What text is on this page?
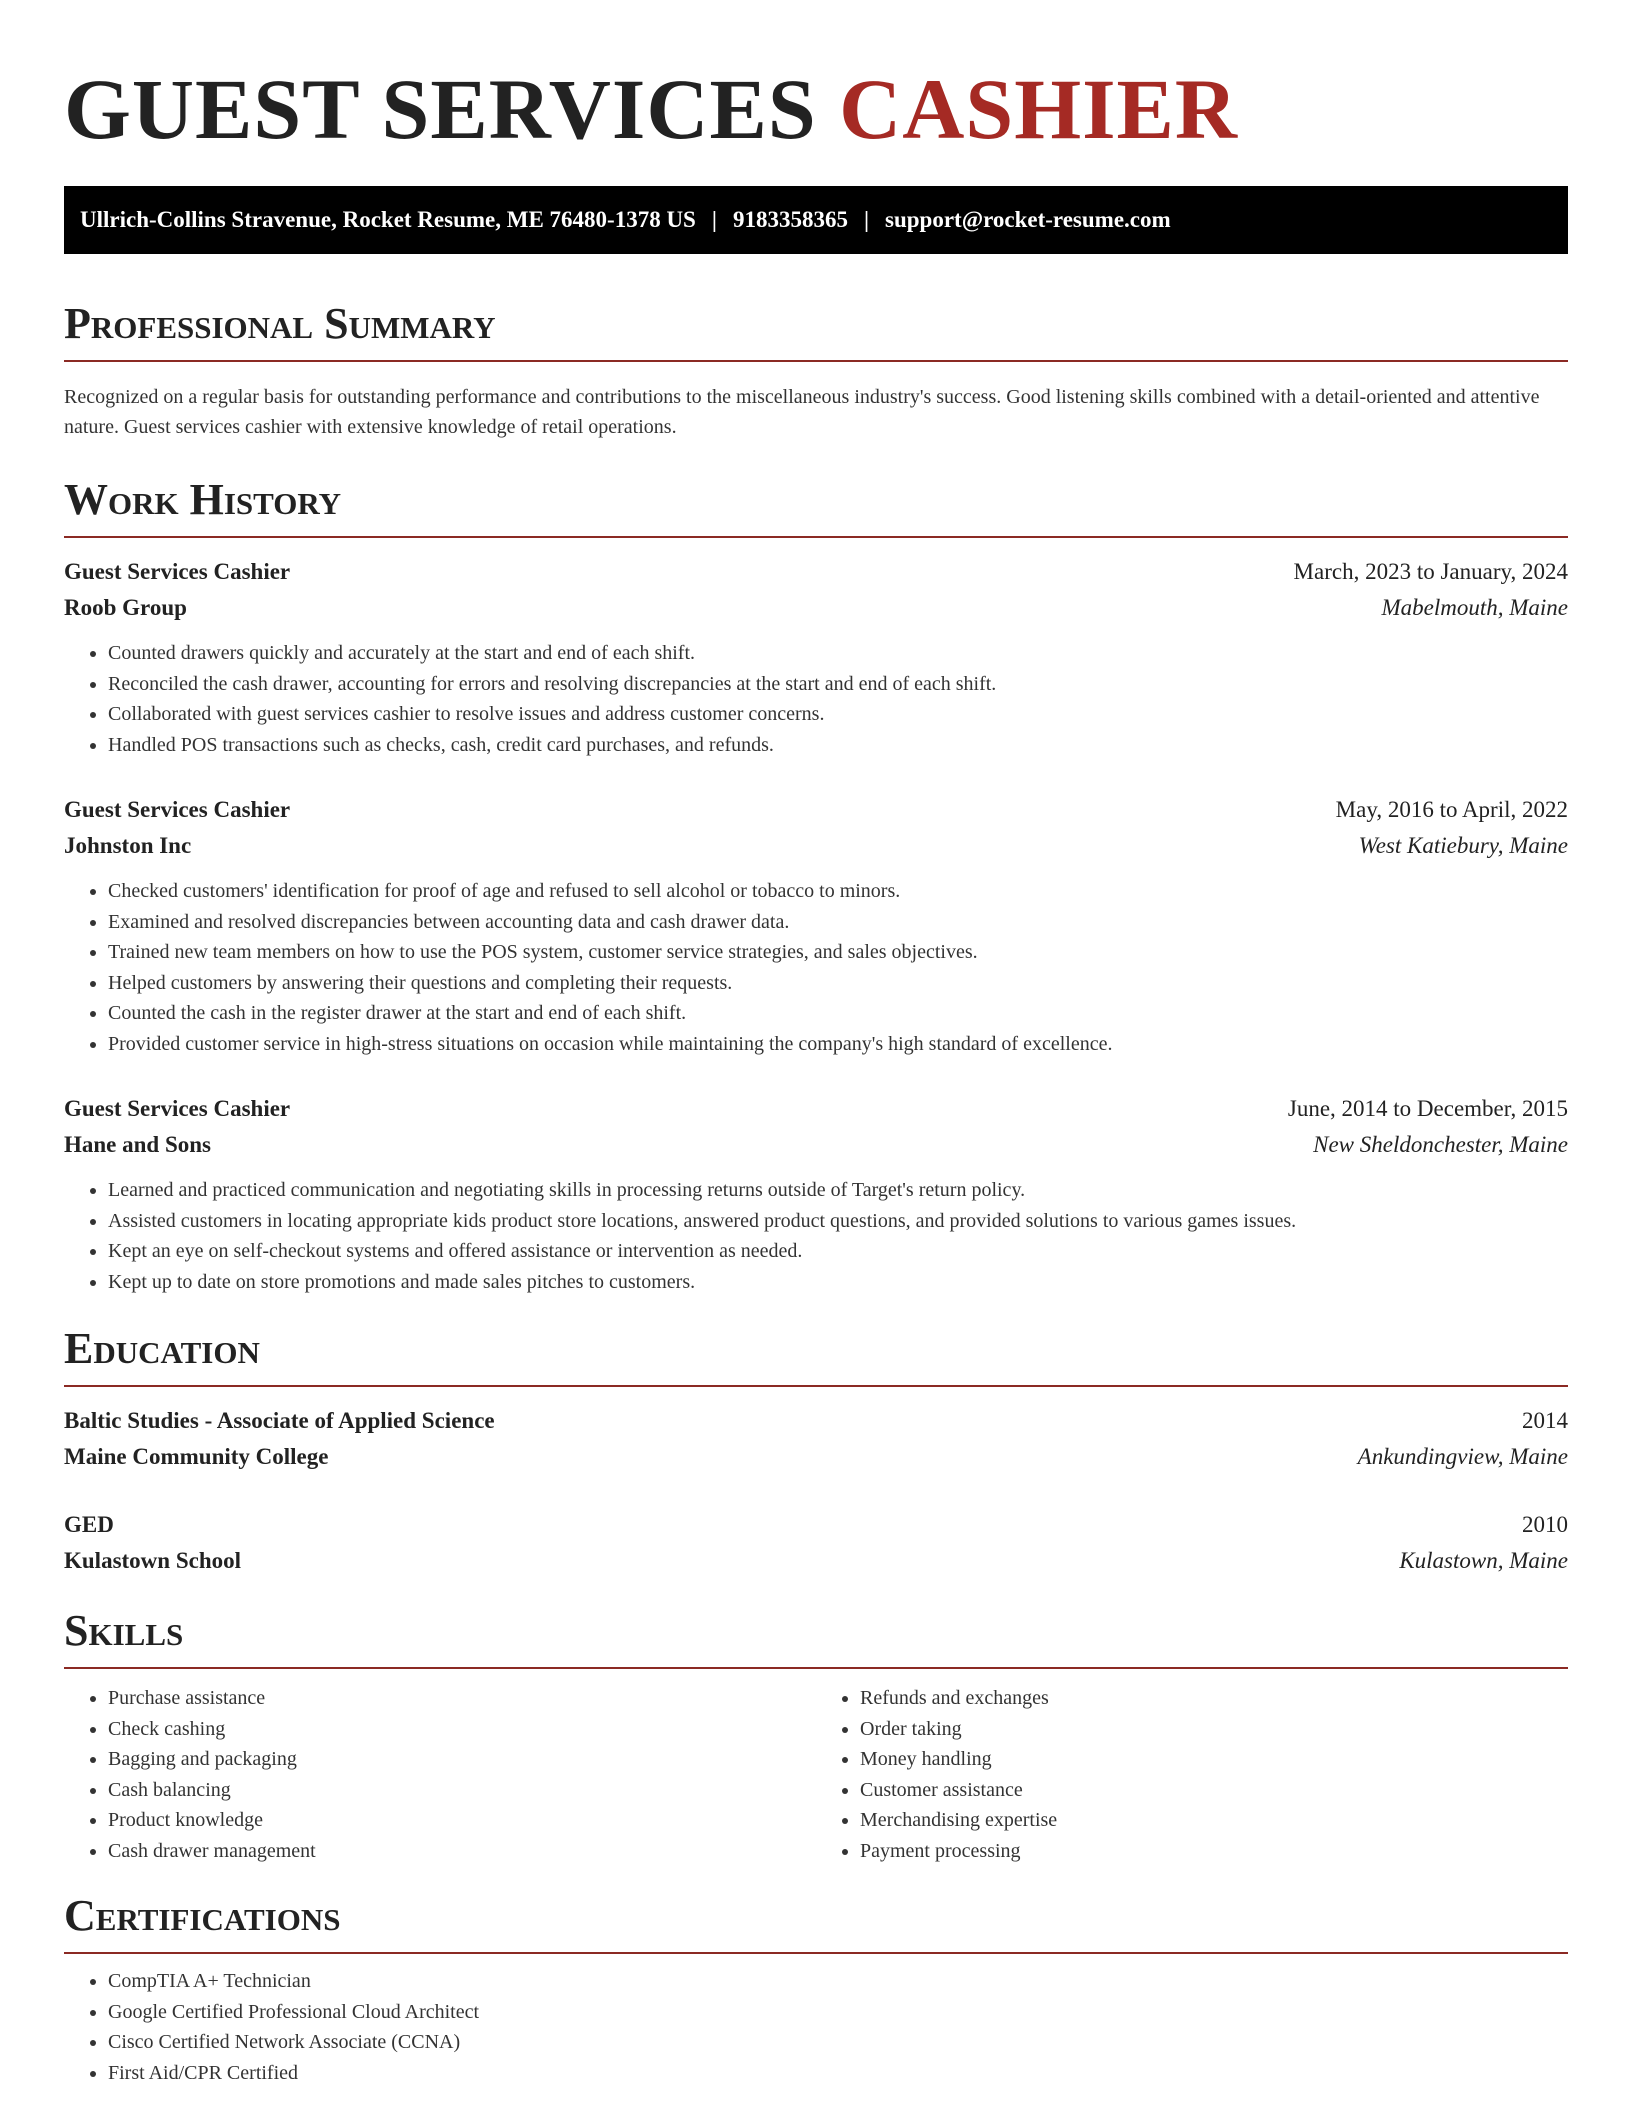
GUEST SERVICES CASHIER
Ullrich-Collins Stravenue, Rocket Resume, ME 76480-1378 US | 9183358365 | support@rocket-resume.com
Professional Summary

Recognized on a regular basis for outstanding performance and contributions to the miscellaneous industry's success. Good listening skills combined with a detail-oriented and attentive nature. Guest services cashier with extensive knowledge of retail operations.

Work History
Guest Services Cashier	March, 2023 to January, 2024
Roob Group	Mabelmouth, Maine
• Counted drawers quickly and accurately at the start and end of each shift.
• Reconciled the cash drawer, accounting for errors and resolving discrepancies at the start and end of each shift.
• Collaborated with guest services cashier to resolve issues and address customer concerns.
• Handled POS transactions such as checks, cash, credit card purchases, and refunds.
Guest Services Cashier	May, 2016 to April, 2022
Johnston Inc	West Katiebury, Maine
• Checked customers' identification for proof of age and refused to sell alcohol or tobacco to minors.
• Examined and resolved discrepancies between accounting data and cash drawer data.
• Trained new team members on how to use the POS system, customer service strategies, and sales objectives.
• Helped customers by answering their questions and completing their requests.
• Counted the cash in the register drawer at the start and end of each shift.
• Provided customer service in high-stress situations on occasion while maintaining the company's high standard of excellence.
Guest Services Cashier	June, 2014 to December, 2015
Hane and Sons	New Sheldonchester, Maine
• Learned and practiced communication and negotiating skills in processing returns outside of Target's return policy.
• Assisted customers in locating appropriate kids product store locations, answered product questions, and provided solutions to various games issues.
• Kept an eye on self-checkout systems and offered assistance or intervention as needed.
• Kept up to date on store promotions and made sales pitches to customers.
Education
Baltic Studies - Associate of Applied Science	2014
Maine Community College	Ankundingview, Maine
GED	2010
Kulastown School	Kulastown, Maine
Skills
• Purchase assistance
• Check cashing
• Bagging and packaging
• Cash balancing
• Product knowledge
• Cash drawer management
• Refunds and exchanges
• Order taking
• Money handling
• Customer assistance
• Merchandising expertise
• Payment processing
Certifications
• CompTIA A+ Technician
• Google Certified Professional Cloud Architect
• Cisco Certified Network Associate (CCNA)
• First Aid/CPR Certified
